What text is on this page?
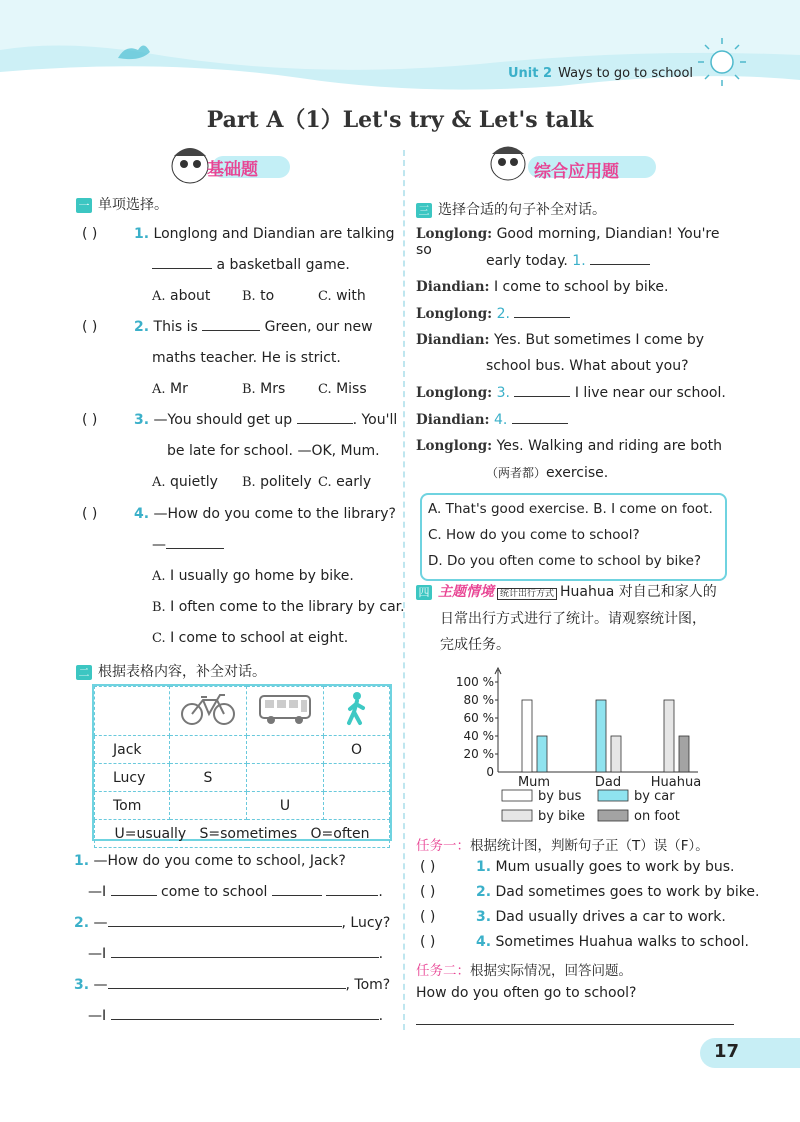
Unit 2 Ways to go to school
Part A（1）Let's try & Let's talk
基础题	综合应用题
一 单项选择。
( )	1. Longlong and Diandian are talking
a basketball game.
A. about B. to	C. with
( )	2. This is	Green, our new
maths teacher. He is strict.
A. Mr	B. Mrs	C. Miss
( )	3. —You should get up	. You'll
be late for school. —OK, Mum.
A. quietly B. politely C. early
( )	4. —How do you come to the library?
—
A. I usually go home by bike.
B. I often come to the library by car.
C. I come to school at eight.
二 根据表格内容，补全对话。

Jack			O
Lucy	S		
Tom		U	
U=usually   S=sometimes   O=often			
1. —How do you come to school, Jack?
—I	come to school	.
2. —	, Lucy?
—I	.
3. —	, Tom?
—I	.
三 选择合适的句子补全对话。
Longlong: Good morning, Diandian! You're so
early today. 1.
Diandian: I come to school by bike.
Longlong: 2.
Diandian: Yes. But sometimes I come by
school bus. What about you?
Longlong: 3.	I live near our school.
Diandian: 4.
Longlong: Yes. Walking and riding are both
（两者都）exercise.
A. That's good exercise. B. I come on foot.
C. How do you come to school?
D. Do you often come to school by bike?
四 主题情境 统计出行方式 Huahua 对自己和家人的
日常出行方式进行了统计。请观察统计图，
完成任务。
0
20 %
40 %
60 %
80 %
100 %
Mum	Dad Huahua
by bus	by car
by bike	on foot
任务一：根据统计图，判断句子正（T）误（F）。
( )	1. Mum usually goes to work by bus.
( )	2. Dad sometimes goes to work by bike.
( )	3. Dad usually drives a car to work.
( )	4. Sometimes Huahua walks to school.
任务二：根据实际情况，回答问题。
How do you often go to school?
17
